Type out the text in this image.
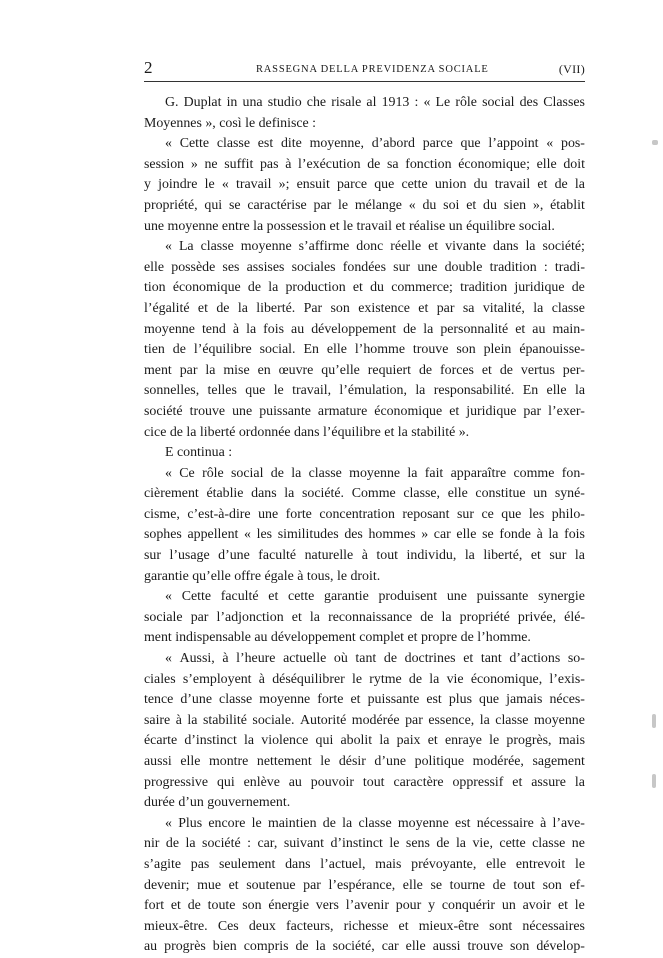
2	RASSEGNA DELLA PREVIDENZA SOCIALE	(VII)
G. Duplat in una studio che risale al 1913 : « Le rôle social des Classes
Moyennes », così le definisce :
« Cette classe est dite moyenne, d’abord parce que l’appoint « pos-
session » ne suffit pas à l’exécution de sa fonction économique; elle doit
y joindre le « travail »; ensuit parce que cette union du travail et de la
propriété, qui se caractérise par le mélange « du soi et du sien », établit
une moyenne entre la possession et le travail et réalise un équilibre social.
« La classe moyenne s’affirme donc réelle et vivante dans la société;
elle possède ses assises sociales fondées sur une double tradition : tradi-
tion économique de la production et du commerce; tradition juridique de
l’égalité et de la liberté. Par son existence et par sa vitalité, la classe
moyenne tend à la fois au développement de la personnalité et au main-
tien de l’équilibre social. En elle l’homme trouve son plein épanouisse-
ment par la mise en œuvre qu’elle requiert de forces et de vertus per-
sonnelles, telles que le travail, l’émulation, la responsabilité. En elle la
société trouve une puissante armature économique et juridique par l’exer-
cice de la liberté ordonnée dans l’équilibre et la stabilité ».
E continua :
« Ce rôle social de la classe moyenne la fait apparaître comme fon-
cièrement établie dans la société. Comme classe, elle constitue un syné-
cisme, c’est-à-dire une forte concentration reposant sur ce que les philo-
sophes appellent « les similitudes des hommes » car elle se fonde à la fois
sur l’usage d’une faculté naturelle à tout individu, la liberté, et sur la
garantie qu’elle offre égale à tous, le droit.
« Cette faculté et cette garantie produisent une puissante synergie
sociale par l’adjonction et la reconnaissance de la propriété privée, élé-
ment indispensable au développement complet et propre de l’homme.
« Aussi, à l’heure actuelle où tant de doctrines et tant d’actions so-
ciales s’employent à déséquilibrer le rytme de la vie économique, l’exis-
tence d’une classe moyenne forte et puissante est plus que jamais néces-
saire à la stabilité sociale. Autorité modérée par essence, la classe moyenne
écarte d’instinct la violence qui abolit la paix et enraye le progrès, mais
aussi elle montre nettement le désir d’une politique modérée, sagement
progressive qui enlève au pouvoir tout caractère oppressif et assure la
durée d’un gouvernement.
« Plus encore le maintien de la classe moyenne est nécessaire à l’ave-
nir de la société : car, suivant d’instinct le sens de la vie, cette classe ne
s’agite pas seulement dans l’actuel, mais prévoyante, elle entrevoit le
devenir; mue et soutenue par l’espérance, elle se tourne de tout son ef-
fort et de toute son énergie vers l’avenir pour y conquérir un avoir et le
mieux-être. Ces deux facteurs, richesse et mieux-être sont nécessaires
au progrès bien compris de la société, car elle aussi trouve son dévelop-
